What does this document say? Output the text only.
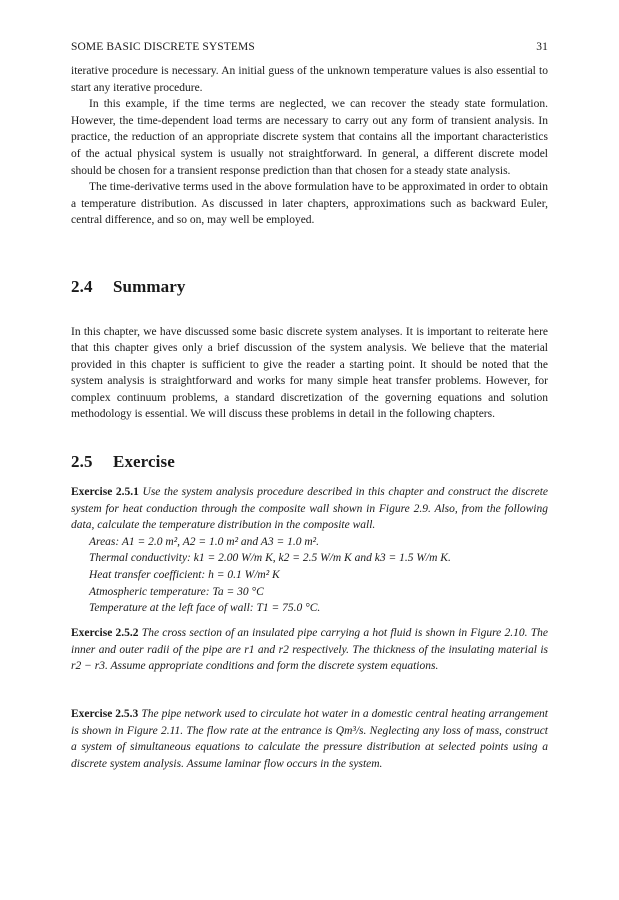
SOME BASIC DISCRETE SYSTEMS	31

iterative procedure is necessary. An initial guess of the unknown temperature values is also essential to start any iterative procedure.

In this example, if the time terms are neglected, we can recover the steady state formulation. However, the time-dependent load terms are necessary to carry out any form of transient analysis. In practice, the reduction of an appropriate discrete system that contains all the important characteristics of the actual physical system is usually not straightforward. In general, a different discrete model should be chosen for a transient response prediction than that chosen for a steady state analysis.

The time-derivative terms used in the above formulation have to be approximated in order to obtain a temperature distribution. As discussed in later chapters, approximations such as backward Euler, central difference, and so on, may well be employed.

2.4 Summary

In this chapter, we have discussed some basic discrete system analyses. It is important to reiterate here that this chapter gives only a brief discussion of the system analysis. We believe that the material provided in this chapter is sufficient to give the reader a starting point. It should be noted that the system analysis is straightforward and works for many simple heat transfer problems. However, for complex continuum problems, a standard discretization of the governing equations and solution methodology is essential. We will discuss these problems in detail in the following chapters.

2.5 Exercise

Exercise 2.5.1 Use the system analysis procedure described in this chapter and construct the discrete system for heat conduction through the composite wall shown in Figure 2.9. Also, from the following data, calculate the temperature distribution in the composite wall.

Areas: A1 = 2.0 m², A2 = 1.0 m² and A3 = 1.0 m².

Thermal conductivity: k1 = 2.00 W/m K, k2 = 2.5 W/m K and k3 = 1.5 W/m K.

Heat transfer coefficient: h = 0.1 W/m² K

Atmospheric temperature: Ta = 30 °C

Temperature at the left face of wall: T1 = 75.0 °C.

Exercise 2.5.2 The cross section of an insulated pipe carrying a hot fluid is shown in Figure 2.10. The inner and outer radii of the pipe are r1 and r2 respectively. The thickness of the insulating material is r2 − r3. Assume appropriate conditions and form the discrete system equations.

Exercise 2.5.3 The pipe network used to circulate hot water in a domestic central heating arrangement is shown in Figure 2.11. The flow rate at the entrance is Qm³/s. Neglecting any loss of mass, construct a system of simultaneous equations to calculate the pressure distribution at selected points using a discrete system analysis. Assume laminar flow occurs in the system.
